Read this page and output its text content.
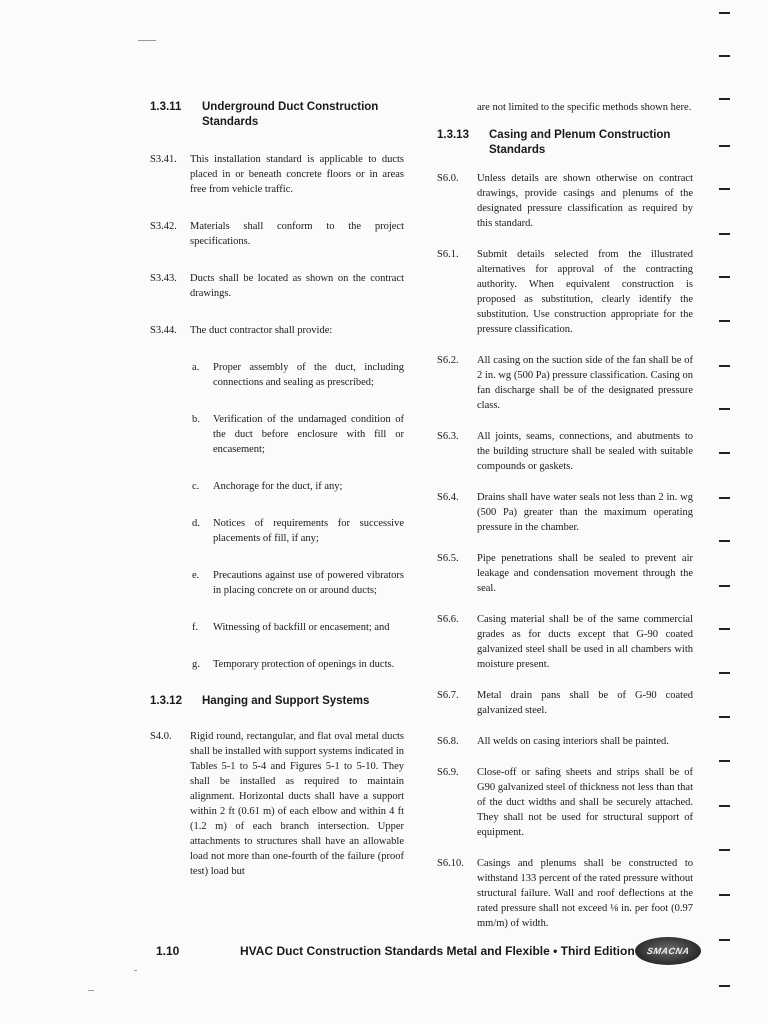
1.3.11	Underground Duct Construction Standards
S3.41.	This installation standard is applicable to ducts placed in or beneath concrete floors or in areas free from vehicle traffic.
S3.42.	Materials shall conform to the project specifications.
S3.43.	Ducts shall be located as shown on the contract drawings.
S3.44.	The duct contractor shall provide:
a.	Proper assembly of the duct, including connections and sealing as prescribed;
b.	Verification of the undamaged condition of the duct before enclosure with fill or encasement;
c.	Anchorage for the duct, if any;
d.	Notices of requirements for successive placements of fill, if any;
e.	Precautions against use of powered vibrators in placing concrete on or around ducts;
f.	Witnessing of backfill or encasement; and
g.	Temporary protection of openings in ducts.
1.3.12	Hanging and Support Systems
S4.0.	Rigid round, rectangular, and flat oval metal ducts shall be installed with support systems indicated in Tables 5-1 to 5-4 and Figures 5-1 to 5-10. They shall be installed as required to maintain alignment. Horizontal ducts shall have a support within 2 ft (0.61 m) of each elbow and within 4 ft (1.2 m) of each branch intersection. Upper attachments to structures shall have an allowable load not more than one-fourth of the failure (proof test) load but
are not limited to the specific methods shown here.
1.3.13	Casing and Plenum Construction Standards
S6.0.	Unless details are shown otherwise on contract drawings, provide casings and plenums of the designated pressure classification as required by this standard.
S6.1.	Submit details selected from the illustrated alternatives for approval of the contracting authority. When equivalent construction is proposed as substitution, clearly identify the substitution. Use construction appropriate for the pressure classification.
S6.2.	All casing on the suction side of the fan shall be of 2 in. wg (500 Pa) pressure classification. Casing on fan discharge shall be of the designated pressure class.
S6.3.	All joints, seams, connections, and abutments to the building structure shall be sealed with suitable compounds or gaskets.
S6.4.	Drains shall have water seals not less than 2 in. wg (500 Pa) greater than the maximum operating pressure in the chamber.
S6.5.	Pipe penetrations shall be sealed to prevent air leakage and condensation movement through the seal.
S6.6.	Casing material shall be of the same commercial grades as for ducts except that G-90 coated galvanized steel shall be used in all chambers with moisture present.
S6.7.	Metal drain pans shall be of G-90 coated galvanized steel.
S6.8.	All welds on casing interiors shall be painted.
S6.9.	Close-off or safing sheets and strips shall be of G90 galvanized steel of thickness not less than that of the duct widths and shall be securely attached. They shall not be used for structural support of equipment.
S6.10.	Casings and plenums shall be constructed to withstand 133 percent of the rated pressure without structural failure. Wall and roof deflections at the rated pressure shall not exceed ⅛ in. per foot (0.97 mm/m) of width.
1.10	HVAC Duct Construction Standards Metal and Flexible • Third Edition SMACNA
